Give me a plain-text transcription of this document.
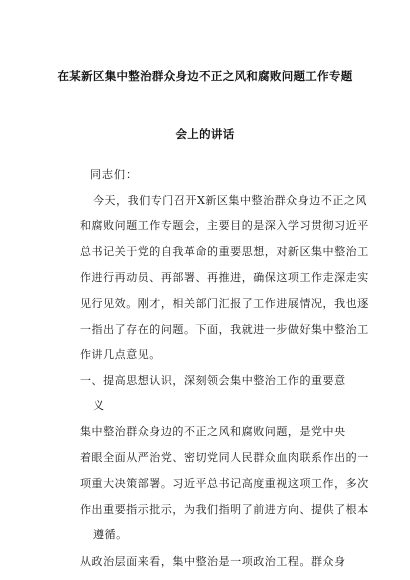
在某新区集中整治群众身边不正之风和腐败问题工作专题
会上的讲话
同志们：
今天，我们专门召开X新区集中整治群众身边不正之风
和腐败问题工作专题会，主要目的是深入学习贯彻习近平
总书记关于党的自我革命的重要思想，对新区集中整治工
作进行再动员、再部署、再推进，确保这项工作走深走实
见行见效。刚才，相关部门汇报了工作进展情况，我也逐
一指出了存在的问题。下面，我就进一步做好集中整治工
作讲几点意见。
一、提高思想认识，深刻领会集中整治工作的重要意
义
集中整治群众身边的不正之风和腐败问题，是党中央
着眼全面从严治党、密切党同人民群众血肉联系作出的一
项重大决策部署。习近平总书记高度重视这项工作，多次
作出重要指示批示，为我们指明了前进方向、提供了根本
遵循。
从政治层面来看，集中整治是一项政治工程。群众身
